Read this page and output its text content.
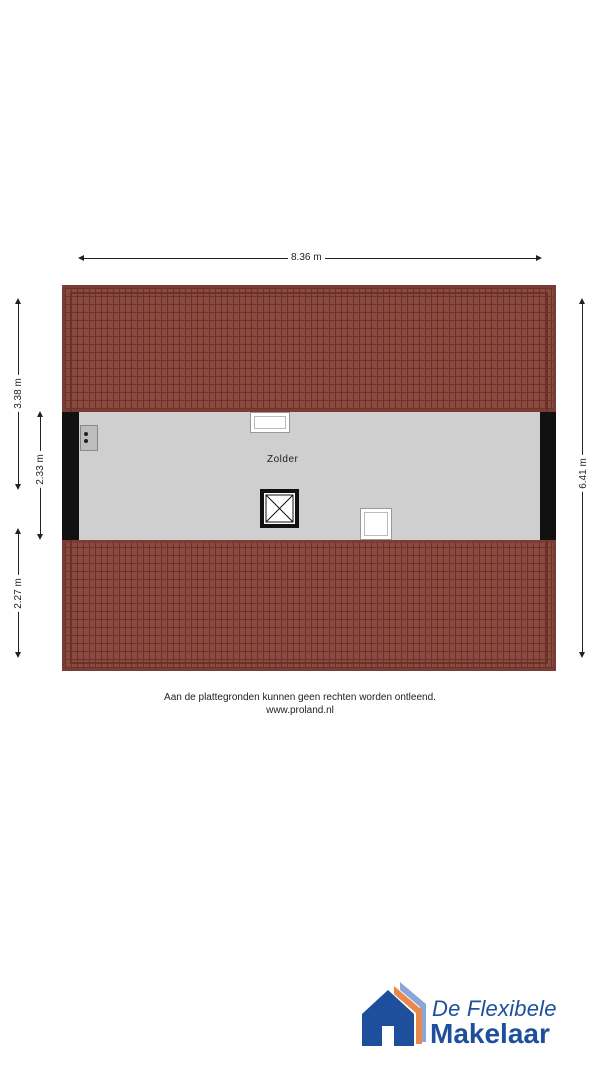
8.36 m
3.38 m
2.33 m
2.27 m
6.41 m
Zolder
Aan de plattegronden kunnen geen rechten worden ontleend.
www.proland.nl
De Flexibele
Makelaar
